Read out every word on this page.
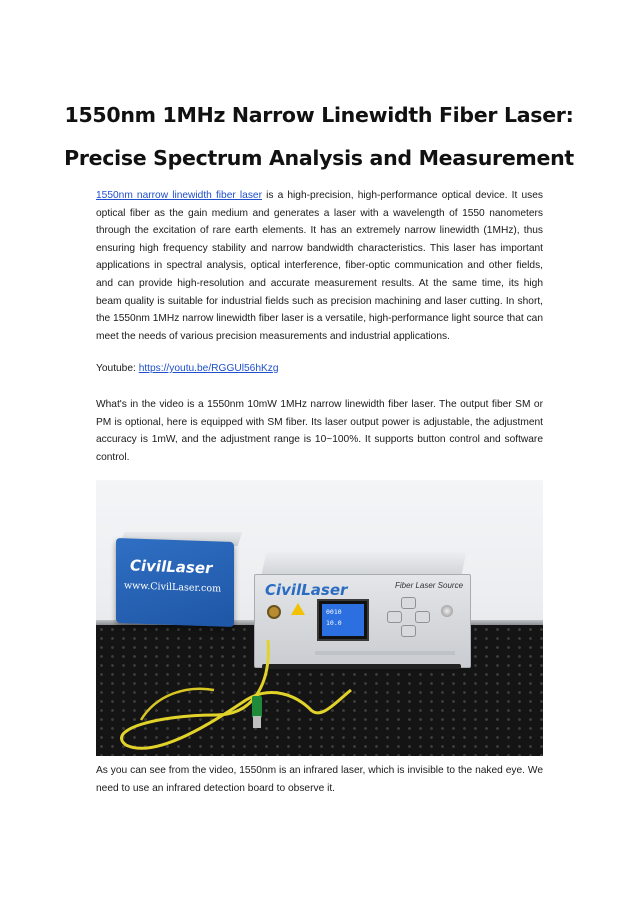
1550nm 1MHz Narrow Linewidth Fiber Laser:
Precise Spectrum Analysis and Measurement

1550nm narrow linewidth fiber laser is a high-precision, high-performance optical device. It uses optical fiber as the gain medium and generates a laser with a wavelength of 1550 nanometers through the excitation of rare earth elements. It has an extremely narrow linewidth (1MHz), thus ensuring high frequency stability and narrow bandwidth characteristics. This laser has important applications in spectral analysis, optical interference, fiber-optic communication and other fields, and can provide high-resolution and accurate measurement results. At the same time, its high beam quality is suitable for industrial fields such as precision machining and laser cutting. In short, the 1550nm 1MHz narrow linewidth fiber laser is a versatile, high-performance light source that can meet the needs of various precision measurements and industrial applications.

Youtube: https://youtu.be/RGGUl56hKzg

What's in the video is a 1550nm 10mW 1MHz narrow linewidth fiber laser. The output fiber SM or PM is optional, here is equipped with SM fiber. Its laser output power is adjustable, the adjustment accuracy is 1mW, and the adjustment range is 10~100%. It supports button control and software control.

CivilLaser
www.CivilLaser.com	CivilLaser	Fiber Laser Source
0010
10.0

As you can see from the video, 1550nm is an infrared laser, which is invisible to the naked eye. We need to use an infrared detection board to observe it.
